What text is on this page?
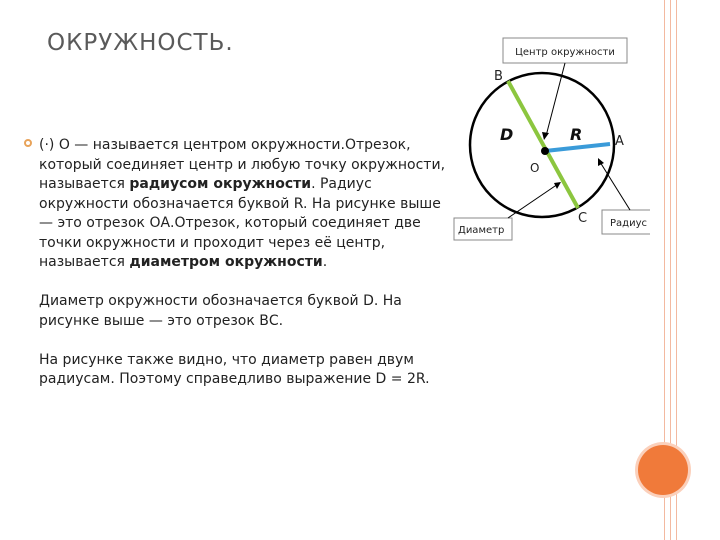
ОКРУЖНОСТЬ.

(·) О — называется центром окружности.Отрезок, который соединяет центр и любую точку окружности, называется радиусом окружности. Радиус окружности обозначается буквой R. На рисунке выше — это отрезок ОА.Отрезок, который соединяет две точки окружности и проходит через её центр, называется диаметром окружности.

Диаметр окружности обозначается буквой D. На рисунке выше — это отрезок ВС.

На рисунке также видно, что диаметр равен двум радиусам. Поэтому справедливо выражение D = 2R.

Центр окружности
B
A
C
O
D	R
Диаметр
Радиус
